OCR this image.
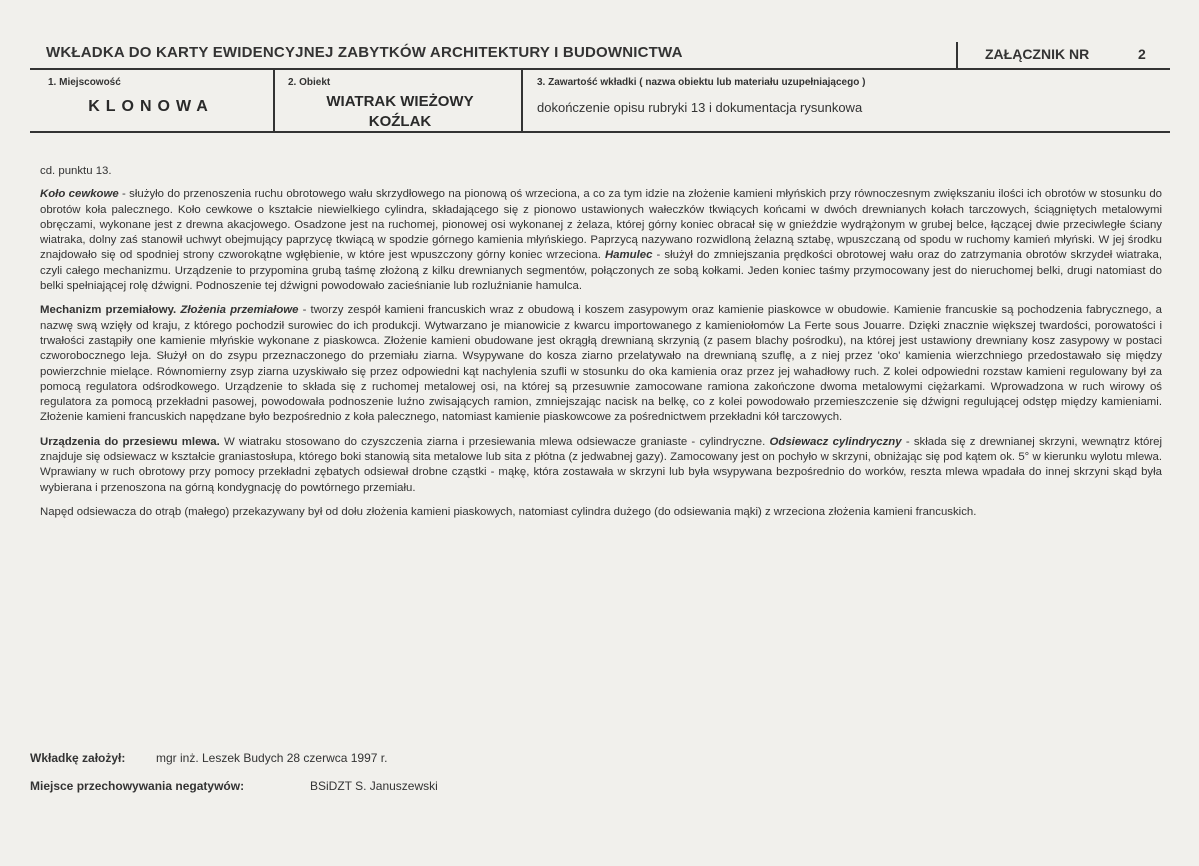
WKŁADKA DO KARTY EWIDENCYJNEJ ZABYTKÓW ARCHITEKTURY I BUDOWNICTWA	ZAŁĄCZNIK NR	2
1. Miejscowość
KLONOWA
2. Obiekt
WIATRAK WIEŻOWY
KOŹLAK
3. Zawartość wkładki ( nazwa obiektu lub materiału uzupełniającego )
dokończenie opisu rubryki 13 i dokumentacja rysunkowa

cd. punktu 13.

Koło cewkowe - służyło do przenoszenia ruchu obrotowego wału skrzydłowego na pionową oś wrzeciona, a co za tym idzie na złożenie kamieni młyńskich przy równoczesnym zwiększaniu ilości ich obrotów w stosunku do obrotów koła palecznego. Koło cewkowe o kształcie niewielkiego cylindra, składającego się z pionowo ustawionych wałeczków tkwiących końcami w dwóch drewnianych kołach tarczowych, ściągniętych metalowymi obręczami, wykonane jest z drewna akacjowego. Osadzone jest na ruchomej, pionowej osi wykonanej z żelaza, której górny koniec obracał się w gnieździe wydrążonym w grubej belce, łączącej dwie przeciwległe ściany wiatraka, dolny zaś stanowił uchwyt obejmujący paprzycę tkwiącą w spodzie górnego kamienia młyńskiego. Paprzycą nazywano rozwidloną żelazną sztabę, wpuszczaną od spodu w ruchomy kamień młyński. W jej środku znajdowało się od spodniej strony czworokątne wgłębienie, w które jest wpuszczony górny koniec wrzeciona. Hamulec - służył do zmniejszania prędkości obrotowej wału oraz do zatrzymania obrotów skrzydeł wiatraka, czyli całego mechanizmu. Urządzenie to przypomina grubą taśmę złożoną z kilku drewnianych segmentów, połączonych ze sobą kołkami. Jeden koniec taśmy przymocowany jest do nieruchomej belki, drugi natomiast do belki spełniającej rolę dźwigni. Podnoszenie tej dźwigni powodowało zacieśnianie lub rozluźnianie hamulca.

Mechanizm przemiałowy. Złożenia przemiałowe - tworzy zespół kamieni francuskich wraz z obudową i koszem zasypowym oraz kamienie piaskowce w obudowie. Kamienie francuskie są pochodzenia fabrycznego, a nazwę swą wzięły od kraju, z którego pochodził surowiec do ich produkcji. Wytwarzano je mianowicie z kwarcu importowanego z kamieniołomów La Ferte sous Jouarre. Dzięki znacznie większej twardości, porowatości i trwałości zastąpiły one kamienie młyńskie wykonane z piaskowca. Złożenie kamieni obudowane jest okrągłą drewnianą skrzynią (z pasem blachy pośrodku), na której jest ustawiony drewniany kosz zasypowy w postaci czworobocznego leja. Służył on do zsypu przeznaczonego do przemiału ziarna. Wsypywane do kosza ziarno przelatywało na drewnianą szuflę, a z niej przez 'oko' kamienia wierzchniego przedostawało się między powierzchnie mielące. Równomierny zsyp ziarna uzyskiwało się przez odpowiedni kąt nachylenia szufli w stosunku do oka kamienia oraz przez jej wahadłowy ruch. Z kolei odpowiedni rozstaw kamieni regulowany był za pomocą regulatora odśrodkowego. Urządzenie to składa się z ruchomej metalowej osi, na której są przesuwnie zamocowane ramiona zakończone dwoma metalowymi ciężarkami. Wprowadzona w ruch wirowy oś regulatora za pomocą przekładni pasowej, powodowała podnoszenie luźno zwisających ramion, zmniejszając nacisk na belkę, co z kolei powodowało przemieszczenie się dźwigni regulującej odstęp między kamieniami. Złożenie kamieni francuskich napędzane było bezpośrednio z koła palecznego, natomiast kamienie piaskowcowe za pośrednictwem przekładni kół tarczowych.

Urządzenia do przesiewu mlewa. W wiatraku stosowano do czyszczenia ziarna i przesiewania mlewa odsiewacze graniaste - cylindryczne. Odsiewacz cylindryczny - składa się z drewnianej skrzyni, wewnątrz której znajduje się odsiewacz w kształcie graniastosłupa, którego boki stanowią sita metalowe lub sita z płótna (z jedwabnej gazy). Zamocowany jest on pochyło w skrzyni, obniżając się pod kątem ok. 5° w kierunku wylotu mlewa. Wprawiany w ruch obrotowy przy pomocy przekładni zębatych odsiewał drobne cząstki - mąkę, która zostawała w skrzyni lub była wsypywana bezpośrednio do worków, reszta mlewa wpadała do innej skrzyni skąd była wybierana i przenoszona na górną kondygnację do powtórnego przemiału.

Napęd odsiewacza do otrąb (małego) przekazywany był od dołu złożenia kamieni piaskowych, natomiast cylindra dużego (do odsiewania mąki) z wrzeciona złożenia kamieni francuskich.

Wkładkę założył:	mgr inż. Leszek Budych 28 czerwca 1997 r.
Miejsce przechowywania negatywów:	BSiDZT S. Januszewski
